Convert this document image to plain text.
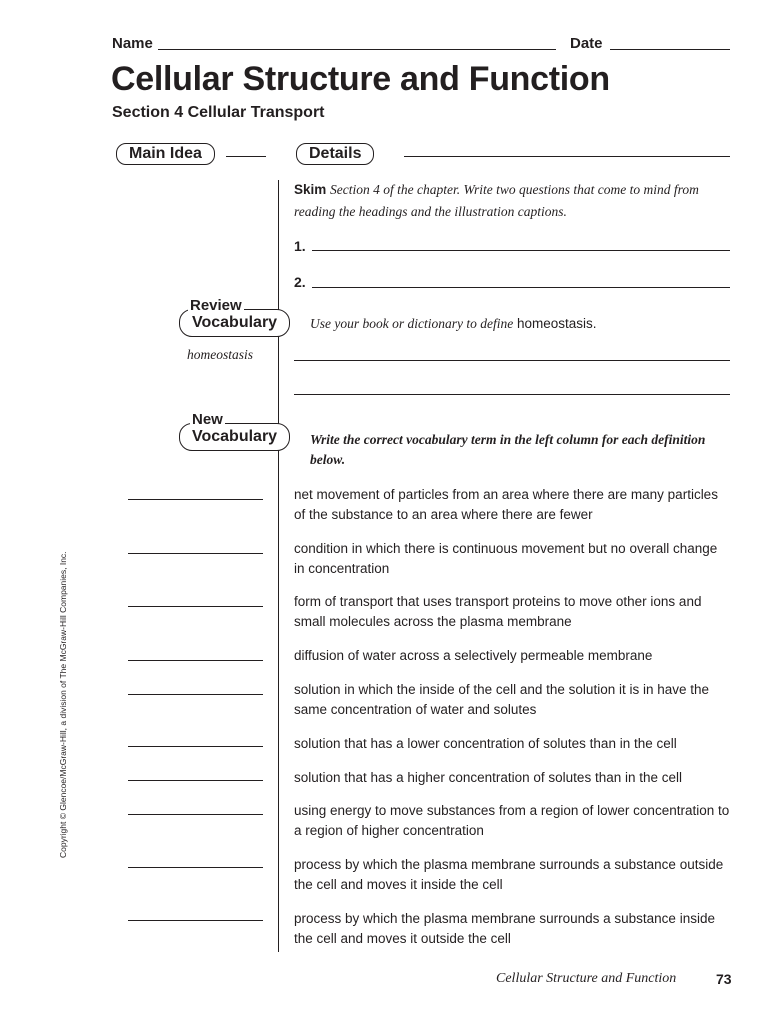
Name	Date
Cellular Structure and Function
Section 4 Cellular Transport
Main Idea	Details
Skim Section 4 of the chapter. Write two questions that come to mind from reading the headings and the illustration captions.
1.
2.
Vocabulary
Review
Use your book or dictionary to define homeostasis.
homeostasis
Vocabulary
New
Write the correct vocabulary term in the left column for each definition below.
net movement of particles from an area where there are many particles of the substance to an area where there are fewer
condition in which there is continuous movement but no overall change in concentration
form of transport that uses transport proteins to move other ions and small molecules across the plasma membrane
diffusion of water across a selectively permeable membrane
solution in which the inside of the cell and the solution it is in have the same concentration of water and solutes
solution that has a lower concentration of solutes than in the cell
solution that has a higher concentration of solutes than in the cell
using energy to move substances from a region of lower concentration to a region of higher concentration
process by which the plasma membrane surrounds a substance outside the cell and moves it inside the cell
process by which the plasma membrane surrounds a substance inside the cell and moves it outside the cell
Copyright © Glencoe/McGraw-Hill, a division of The McGraw-Hill Companies, Inc.
Cellular Structure and Function	73
